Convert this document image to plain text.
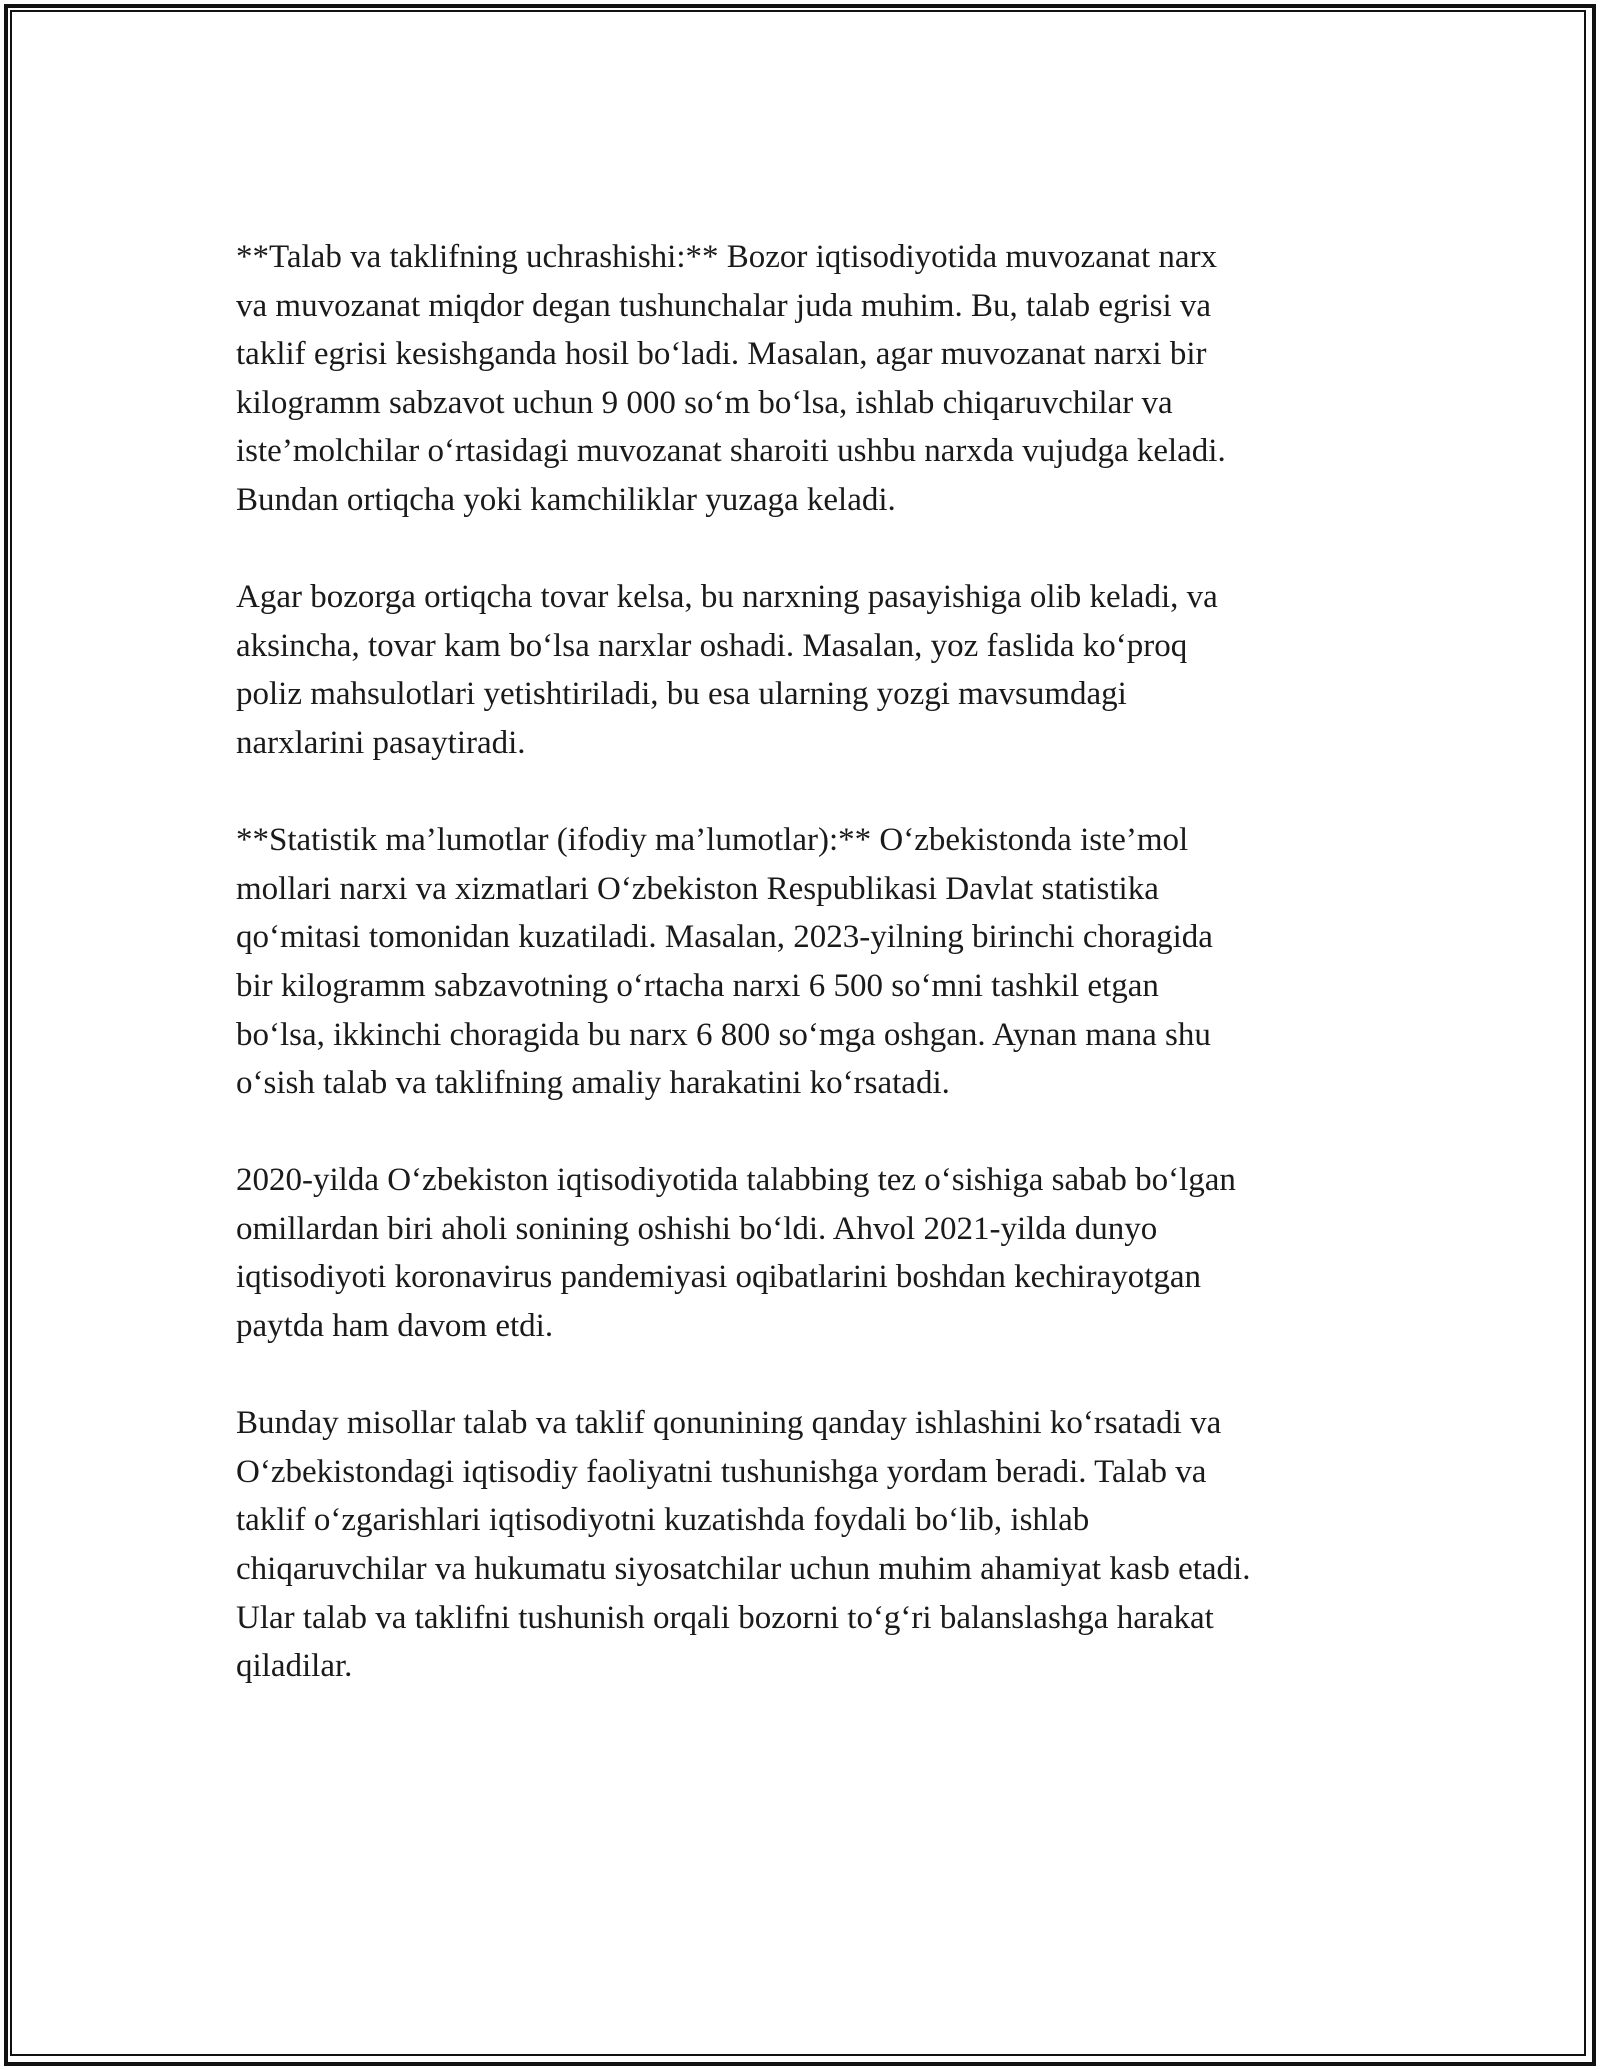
**Talab va taklifning uchrashishi:** Bozor iqtisodiyotida muvozanat narx
va muvozanat miqdor degan tushunchalar juda muhim. Bu, talab egrisi va
taklif egrisi kesishganda hosil bo‘ladi. Masalan, agar muvozanat narxi bir
kilogramm sabzavot uchun 9 000 so‘m bo‘lsa, ishlab chiqaruvchilar va
iste’molchilar o‘rtasidagi muvozanat sharoiti ushbu narxda vujudga keladi.
Bundan ortiqcha yoki kamchiliklar yuzaga keladi.

Agar bozorga ortiqcha tovar kelsa, bu narxning pasayishiga olib keladi, va
aksincha, tovar kam bo‘lsa narxlar oshadi. Masalan, yoz faslida ko‘proq
poliz mahsulotlari yetishtiriladi, bu esa ularning yozgi mavsumdagi
narxlarini pasaytiradi.

**Statistik ma’lumotlar (ifodiy ma’lumotlar):** O‘zbekistonda iste’mol
mollari narxi va xizmatlari O‘zbekiston Respublikasi Davlat statistika
qo‘mitasi tomonidan kuzatiladi. Masalan, 2023-yilning birinchi choragida
bir kilogramm sabzavotning o‘rtacha narxi 6 500 so‘mni tashkil etgan
bo‘lsa, ikkinchi choragida bu narx 6 800 so‘mga oshgan. Aynan mana shu
o‘sish talab va taklifning amaliy harakatini ko‘rsatadi.

2020-yilda O‘zbekiston iqtisodiyotida talabbing tez o‘sishiga sabab bo‘lgan
omillardan biri aholi sonining oshishi bo‘ldi. Ahvol 2021-yilda dunyo
iqtisodiyoti koronavirus pandemiyasi oqibatlarini boshdan kechirayotgan
paytda ham davom etdi.

Bunday misollar talab va taklif qonunining qanday ishlashini ko‘rsatadi va
O‘zbekistondagi iqtisodiy faoliyatni tushunishga yordam beradi. Talab va
taklif o‘zgarishlari iqtisodiyotni kuzatishda foydali bo‘lib, ishlab
chiqaruvchilar va hukumatu siyosatchilar uchun muhim ahamiyat kasb etadi.
Ular talab va taklifni tushunish orqali bozorni to‘g‘ri balanslashga harakat
qiladilar.
